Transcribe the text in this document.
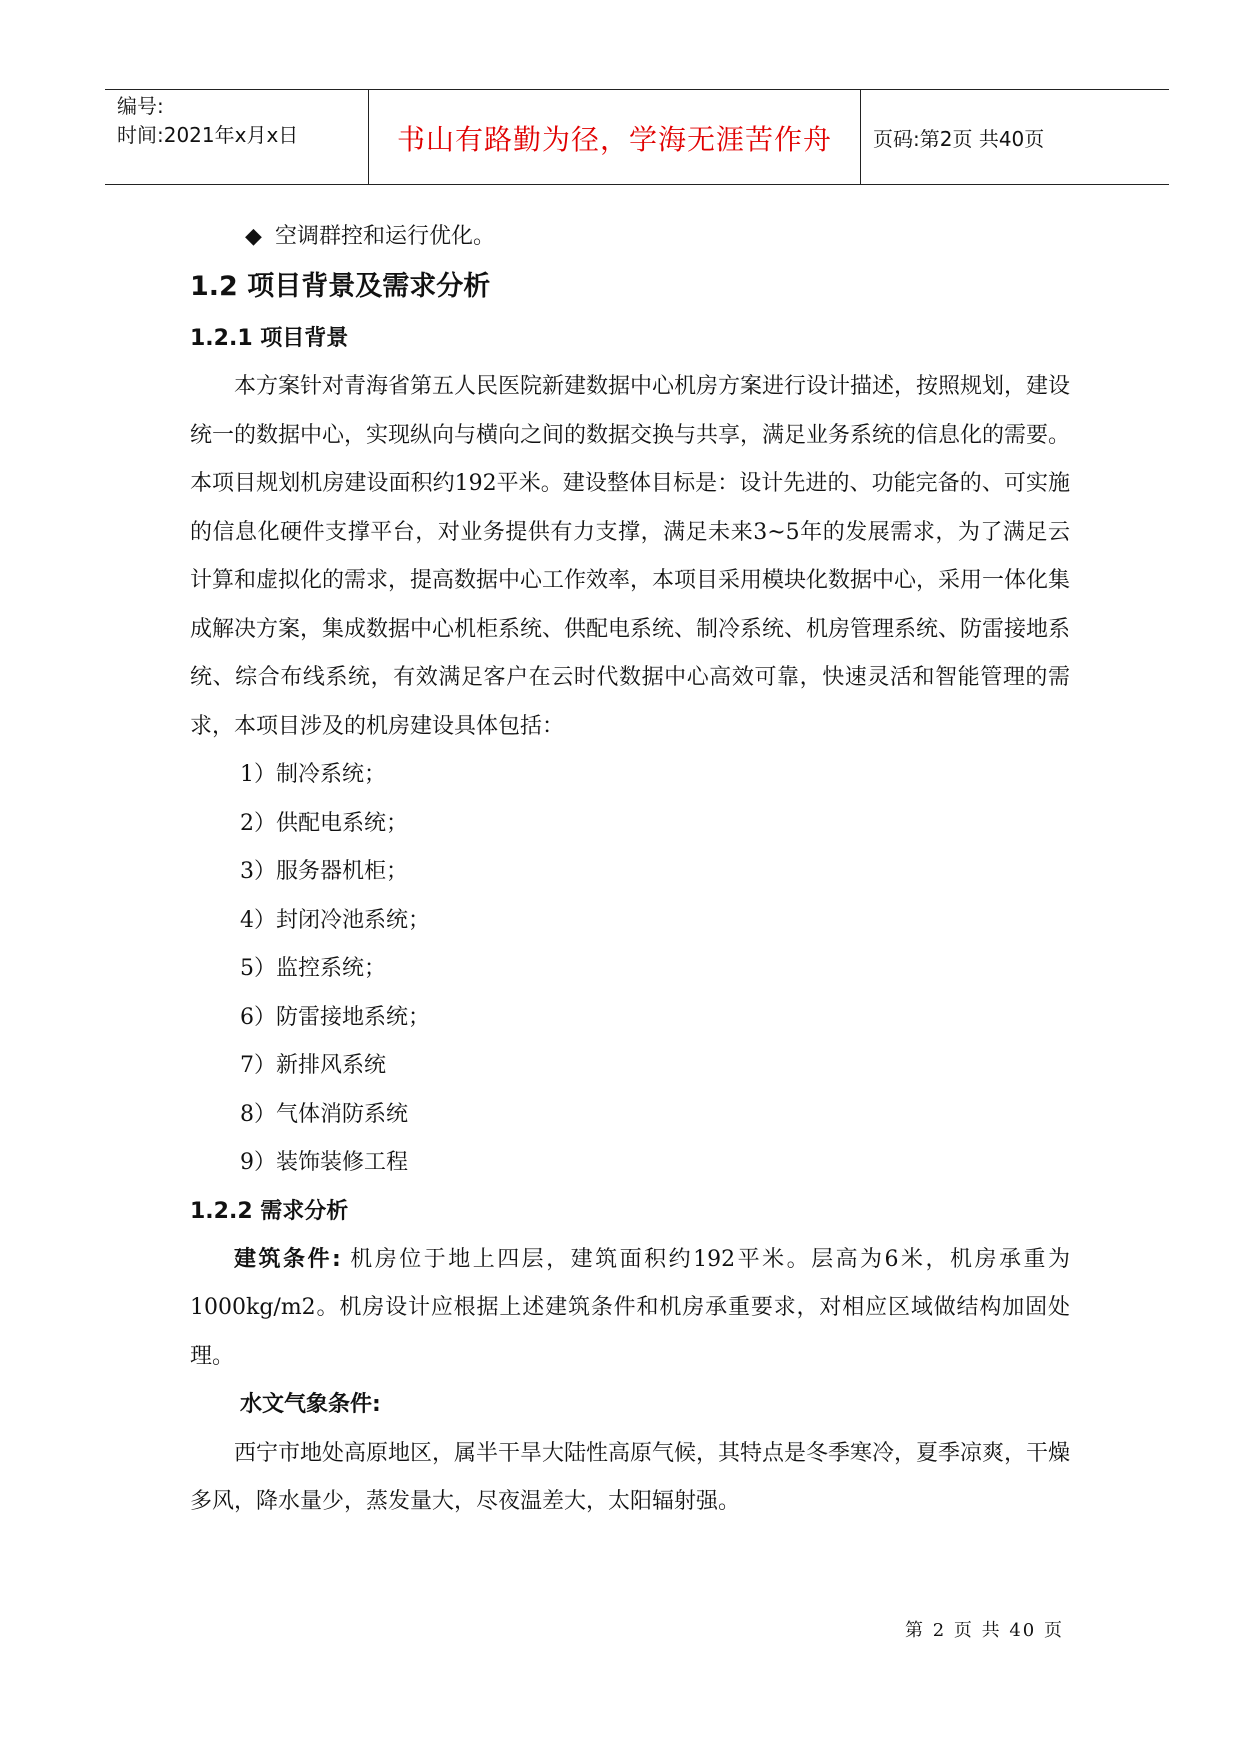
编号:
时间:2021年x月x日	书山有路勤为径，学海无涯苦作舟	页码:第2页 共40页
◆ 空调群控和运行优化。
1.2 项目背景及需求分析
1.2.1 项目背景

本方案针对青海省第五人民医院新建数据中心机房方案进行设计描述，按照规划，建设统一的数据中心，实现纵向与横向之间的数据交换与共享，满足业务系统的信息化的需要。本项目规划机房建设面积约192平米。建设整体目标是：设计先进的、功能完备的、可实施的信息化硬件支撑平台，对业务提供有力支撑，满足未来3~5年的发展需求，为了满足云计算和虚拟化的需求，提高数据中心工作效率，本项目采用模块化数据中心，采用一体化集成解决方案，集成数据中心机柜系统、供配电系统、制冷系统、机房管理系统、防雷接地系统、综合布线系统，有效满足客户在云时代数据中心高效可靠，快速灵活和智能管理的需求，本项目涉及的机房建设具体包括：

1）制冷系统；
2）供配电系统；
3）服务器机柜；
4）封闭冷池系统；
5）监控系统；
6）防雷接地系统；
7）新排风系统
8）气体消防系统
9）装饰装修工程
1.2.2 需求分析

建筑条件: 机房位于地上四层，建筑面积约192平米。层高为6米，机房承重为1000kg/m2。机房设计应根据上述建筑条件和机房承重要求，对相应区域做结构加固处理。

水文气象条件:

西宁市地处高原地区，属半干旱大陆性高原气候，其特点是冬季寒冷，夏季凉爽，干燥多风，降水量少，蒸发量大，尽夜温差大，太阳辐射强。

第 2 页 共 40 页
